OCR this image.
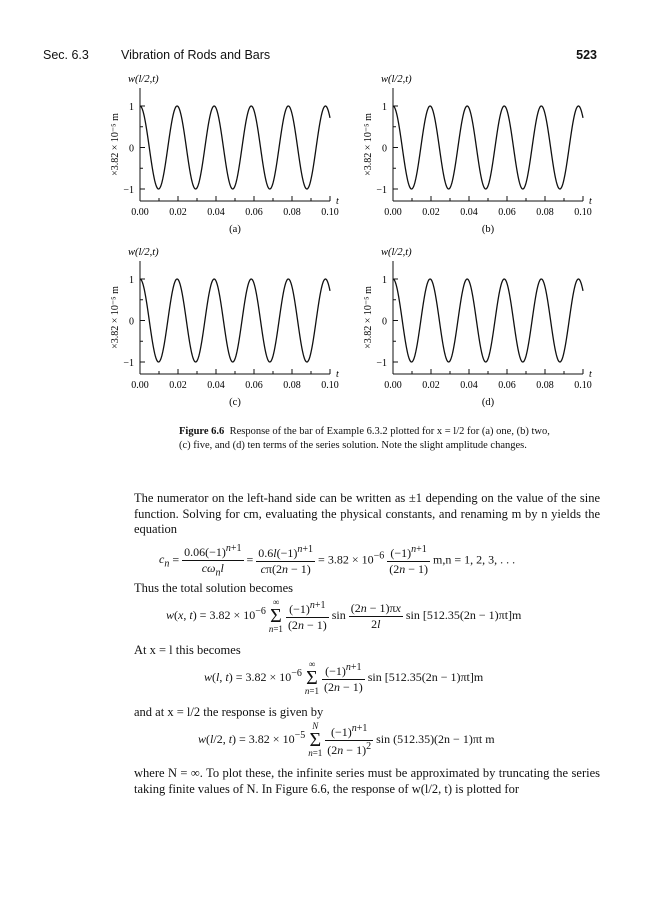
Sec. 6.3	Vibration of Rods and Bars	523
1
0
−1
0.00 0.02 0.04 0.06 0.08 0.10
w(l/2,t)
×3.82 × 10⁻⁵ m
t
(a)
1
0
−1
0.00 0.02 0.04 0.06 0.08 0.10
w(l/2,t)
×3.82 × 10⁻⁵ m
t
(b)
1
0
−1
0.00 0.02 0.04 0.06 0.08 0.10
w(l/2,t)
×3.82 × 10⁻⁵ m
t
(c)
1
0
−1
0.00 0.02 0.04 0.06 0.08 0.10
w(l/2,t)
×3.82 × 10⁻⁵ m
t
(d)
Figure 6.6 Response of the bar of Example 6.3.2 plotted for x = l/2 for (a) one, (b) two, (c) five, and (d) ten terms of the series solution. Note the slight amplitude changes.
The numerator on the left-hand side can be written as ±1 depending on the value of the sine function. Solving for cm, evaluating the physical constants, and renaming m by n yields the equation
$c_n = \frac{0.06(-1)^{n+1}}{c\omega_nl} = \frac{0.6l(-1)^{n+1}}{c\pi(2n - 1)} = 3.82 \times 10^{-6} \frac{(-1)^{n+1}}{(2n - 1)} m,n = 1$, 2, 3, . . .
Thus the total solution becomes
w(x, $t) = 3.82 \times 10^{-6}$ ∞
Σ
$n=1 \frac{(-1)^{n+1}}{(2n - 1)}$ $\sin \frac{(2n - 1)\pi x}{2l}$ sin [512.35(2n − 1)πt]m
At x = l this becomes
w(l, $t) = 3.82 \times 10^{-6}$ ∞
Σ
$n=1 \frac{(-1)^{n+1}}{(2n - 1)}$ sin [512.35(2n − 1)πt]m
and at x = l/2 the response is given by
w(l/2, $t) = 3.82 \times 10^{-5}$ N
Σ
$n=1 \frac{(-1)^{n+1}}{(2n - 1)^2}$ sin (512.35)(2n − 1)πt m
where N = ∞. To plot these, the infinite series must be approximated by truncating the series taking finite values of N. In Figure 6.6, the response of w(l/2, t) is plotted for
